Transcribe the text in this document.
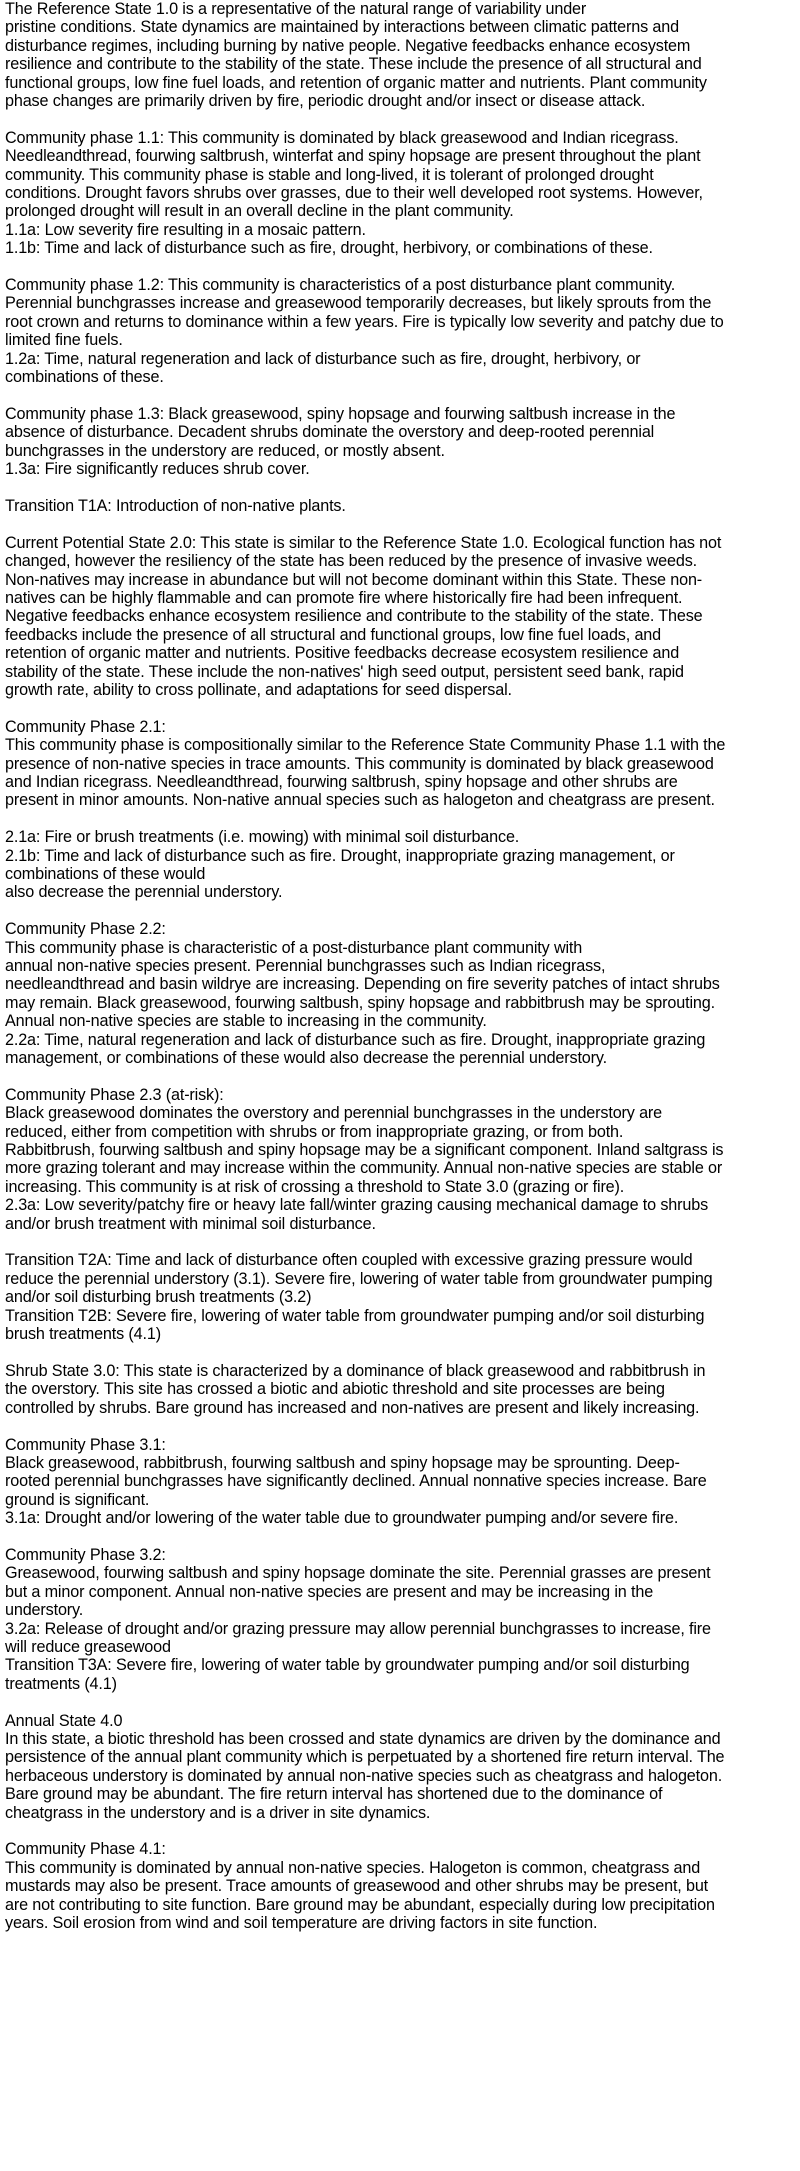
The Reference State 1.0 is a representative of the natural range of variability under
pristine conditions. State dynamics are maintained by interactions between climatic patterns and
disturbance regimes, including burning by native people. Negative feedbacks enhance ecosystem
resilience and contribute to the stability of the state. These include the presence of all structural and
functional groups, low fine fuel loads, and retention of organic matter and nutrients. Plant community
phase changes are primarily driven by fire, periodic drought and/or insect or disease attack.
Community phase 1.1: This community is dominated by black greasewood and Indian ricegrass.
Needleandthread, fourwing saltbrush, winterfat and spiny hopsage are present throughout the plant
community. This community phase is stable and long-lived, it is tolerant of prolonged drought
conditions. Drought favors shrubs over grasses, due to their well developed root systems. However,
prolonged drought will result in an overall decline in the plant community.
1.1a: Low severity fire resulting in a mosaic pattern.
1.1b: Time and lack of disturbance such as fire, drought, herbivory, or combinations of these.
Community phase 1.2: This community is characteristics of a post disturbance plant community.
Perennial bunchgrasses increase and greasewood temporarily decreases, but likely sprouts from the
root crown and returns to dominance within a few years. Fire is typically low severity and patchy due to
limited fine fuels.
1.2a: Time, natural regeneration and lack of disturbance such as fire, drought, herbivory, or
combinations of these.
Community phase 1.3: Black greasewood, spiny hopsage and fourwing saltbush increase in the
absence of disturbance. Decadent shrubs dominate the overstory and deep-rooted perennial
bunchgrasses in the understory are reduced, or mostly absent.
1.3a: Fire significantly reduces shrub cover.
Transition T1A: Introduction of non-native plants.
Current Potential State 2.0: This state is similar to the Reference State 1.0. Ecological function has not
changed, however the resiliency of the state has been reduced by the presence of invasive weeds.
Non-natives may increase in abundance but will not become dominant within this State. These non-
natives can be highly flammable and can promote fire where historically fire had been infrequent.
Negative feedbacks enhance ecosystem resilience and contribute to the stability of the state. These
feedbacks include the presence of all structural and functional groups, low fine fuel loads, and
retention of organic matter and nutrients. Positive feedbacks decrease ecosystem resilience and
stability of the state. These include the non-natives' high seed output, persistent seed bank, rapid
growth rate, ability to cross pollinate, and adaptations for seed dispersal.
Community Phase 2.1:
This community phase is compositionally similar to the Reference State Community Phase 1.1 with the
presence of non-native species in trace amounts. This community is dominated by black greasewood
and Indian ricegrass. Needleandthread, fourwing saltbrush, spiny hopsage and other shrubs are
present in minor amounts. Non-native annual species such as halogeton and cheatgrass are present.
2.1a: Fire or brush treatments (i.e. mowing) with minimal soil disturbance.
2.1b: Time and lack of disturbance such as fire. Drought, inappropriate grazing management, or
combinations of these would
also decrease the perennial understory.
Community Phase 2.2:
This community phase is characteristic of a post-disturbance plant community with
annual non-native species present. Perennial bunchgrasses such as Indian ricegrass,
needleandthread and basin wildrye are increasing. Depending on fire severity patches of intact shrubs
may remain. Black greasewood, fourwing saltbush, spiny hopsage and rabbitbrush may be sprouting.
Annual non-native species are stable to increasing in the community.
2.2a: Time, natural regeneration and lack of disturbance such as fire. Drought, inappropriate grazing
management, or combinations of these would also decrease the perennial understory.
Community Phase 2.3 (at-risk):
Black greasewood dominates the overstory and perennial bunchgrasses in the understory are
reduced, either from competition with shrubs or from inappropriate grazing, or from both.
Rabbitbrush, fourwing saltbush and spiny hopsage may be a significant component. Inland saltgrass is
more grazing tolerant and may increase within the community. Annual non-native species are stable or
increasing. This community is at risk of crossing a threshold to State 3.0 (grazing or fire).
2.3a: Low severity/patchy fire or heavy late fall/winter grazing causing mechanical damage to shrubs
and/or brush treatment with minimal soil disturbance.
Transition T2A: Time and lack of disturbance often coupled with excessive grazing pressure would
reduce the perennial understory (3.1). Severe fire, lowering of water table from groundwater pumping
and/or soil disturbing brush treatments (3.2)
Transition T2B: Severe fire, lowering of water table from groundwater pumping and/or soil disturbing
brush treatments (4.1)
Shrub State 3.0: This state is characterized by a dominance of black greasewood and rabbitbrush in
the overstory. This site has crossed a biotic and abiotic threshold and site processes are being
controlled by shrubs. Bare ground has increased and non-natives are present and likely increasing.
Community Phase 3.1:
Black greasewood, rabbitbrush, fourwing saltbush and spiny hopsage may be sprounting. Deep-
rooted perennial bunchgrasses have significantly declined. Annual nonnative species increase. Bare
ground is significant.
3.1a: Drought and/or lowering of the water table due to groundwater pumping and/or severe fire.
Community Phase 3.2:
Greasewood, fourwing saltbush and spiny hopsage dominate the site. Perennial grasses are present
but a minor component. Annual non-native species are present and may be increasing in the
understory.
3.2a: Release of drought and/or grazing pressure may allow perennial bunchgrasses to increase, fire
will reduce greasewood
Transition T3A: Severe fire, lowering of water table by groundwater pumping and/or soil disturbing
treatments (4.1)
Annual State 4.0
In this state, a biotic threshold has been crossed and state dynamics are driven by the dominance and
persistence of the annual plant community which is perpetuated by a shortened fire return interval. The
herbaceous understory is dominated by annual non-native species such as cheatgrass and halogeton.
Bare ground may be abundant. The fire return interval has shortened due to the dominance of
cheatgrass in the understory and is a driver in site dynamics.
Community Phase 4.1:
This community is dominated by annual non-native species. Halogeton is common, cheatgrass and
mustards may also be present. Trace amounts of greasewood and other shrubs may be present, but
are not contributing to site function. Bare ground may be abundant, especially during low precipitation
years. Soil erosion from wind and soil temperature are driving factors in site function.
